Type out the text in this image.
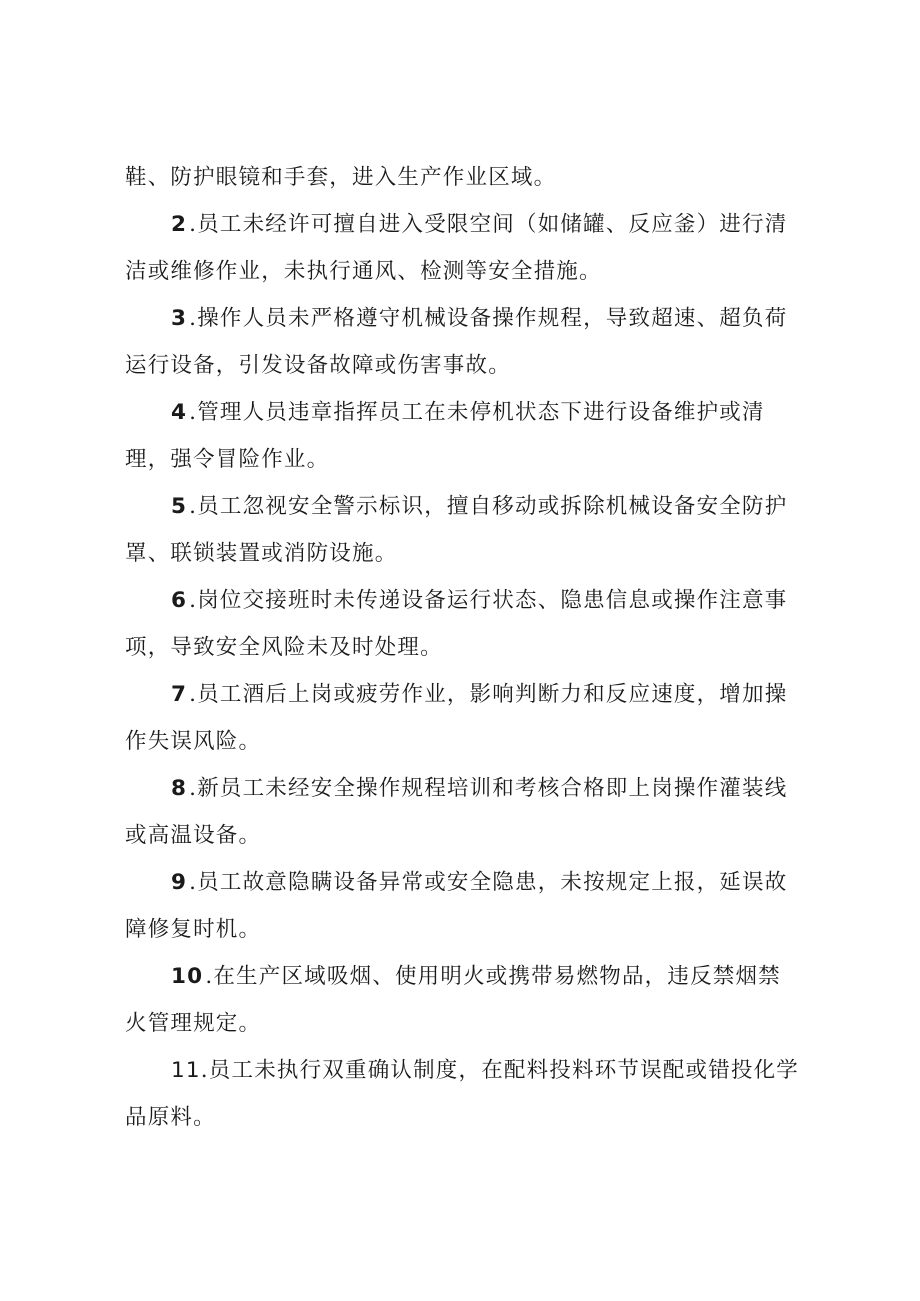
鞋、防护眼镜和手套，进入生产作业区域。
2.员工未经许可擅自进入受限空间（如储罐、反应釜）进行清
洁或维修作业，未执行通风、检测等安全措施。
3.操作人员未严格遵守机械设备操作规程，导致超速、超负荷
运行设备，引发设备故障或伤害事故。
4.管理人员违章指挥员工在未停机状态下进行设备维护或清
理，强令冒险作业。
5.员工忽视安全警示标识，擅自移动或拆除机械设备安全防护
罩、联锁装置或消防设施。
6.岗位交接班时未传递设备运行状态、隐患信息或操作注意事
项，导致安全风险未及时处理。
7.员工酒后上岗或疲劳作业，影响判断力和反应速度，增加操
作失误风险。
8.新员工未经安全操作规程培训和考核合格即上岗操作灌装线
或高温设备。
9.员工故意隐瞒设备异常或安全隐患，未按规定上报，延误故
障修复时机。
10.在生产区域吸烟、使用明火或携带易燃物品，违反禁烟禁
火管理规定。
11.员工未执行双重确认制度，在配料投料环节误配或错投化学
品原料。
